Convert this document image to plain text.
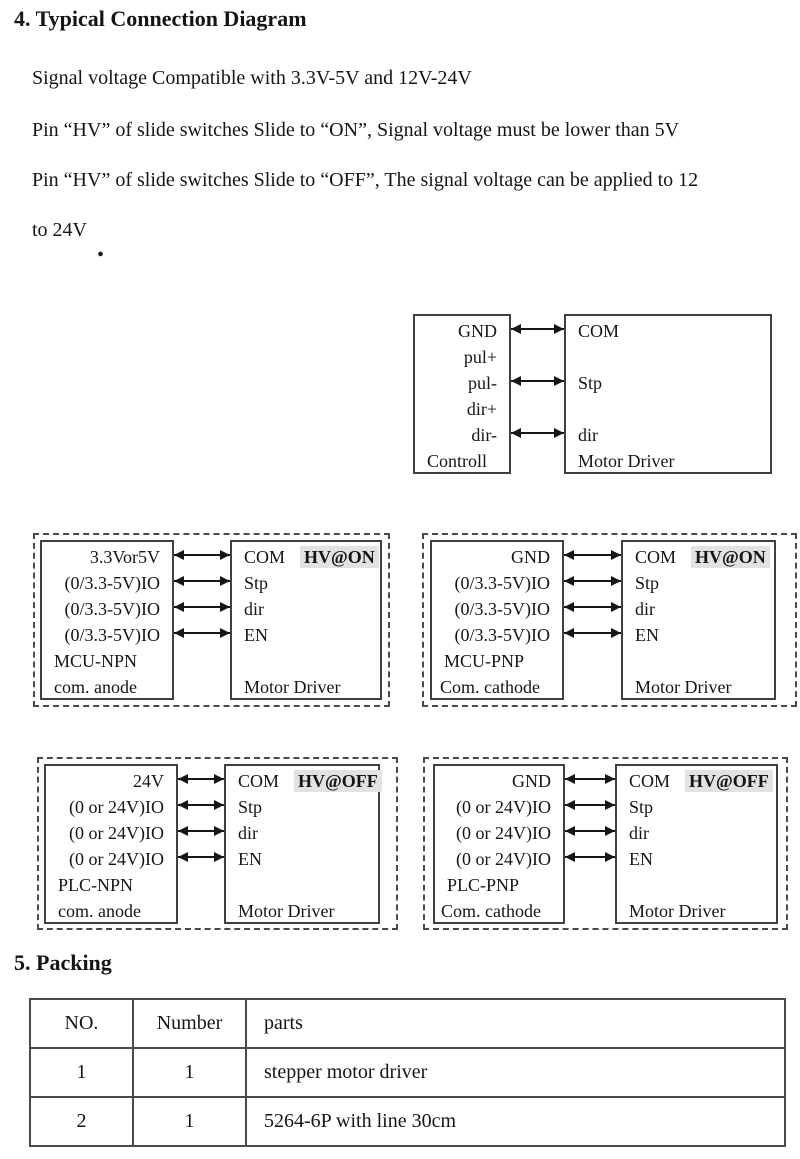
4. Typical Connection Diagram
Signal voltage Compatible with 3.3V-5V and 12V-24V
Pin “HV” of slide switches Slide to “ON”, Signal voltage must be lower than 5V
Pin “HV” of slide switches Slide to “OFF”, The signal voltage can be applied to 12
to 24V
.
GND
pul+
pul-
dir+
dir-
Controll
COM
Stp
dir
Motor Driver
3.3Vor5V
(0/3.3-5V)IO
(0/3.3-5V)IO
(0/3.3-5V)IO
MCU-NPN
com. anode
COM HV@ON
Stp
dir
EN
Motor Driver
GND
(0/3.3-5V)IO
(0/3.3-5V)IO
(0/3.3-5V)IO
MCU-PNP
Com. cathode
COM HV@ON
Stp
dir
EN
Motor Driver
24V
(0 or 24V)IO
(0 or 24V)IO
(0 or 24V)IO
PLC-NPN
com. anode
COM HV@OFF
Stp
dir
EN
Motor Driver
GND
(0 or 24V)IO
(0 or 24V)IO
(0 or 24V)IO
PLC-PNP
Com. cathode
COM HV@OFF
Stp
dir
EN
Motor Driver
5. Packing
NO.	Number	parts
1	1	stepper motor driver
2	1	5264-6P with line 30cm
